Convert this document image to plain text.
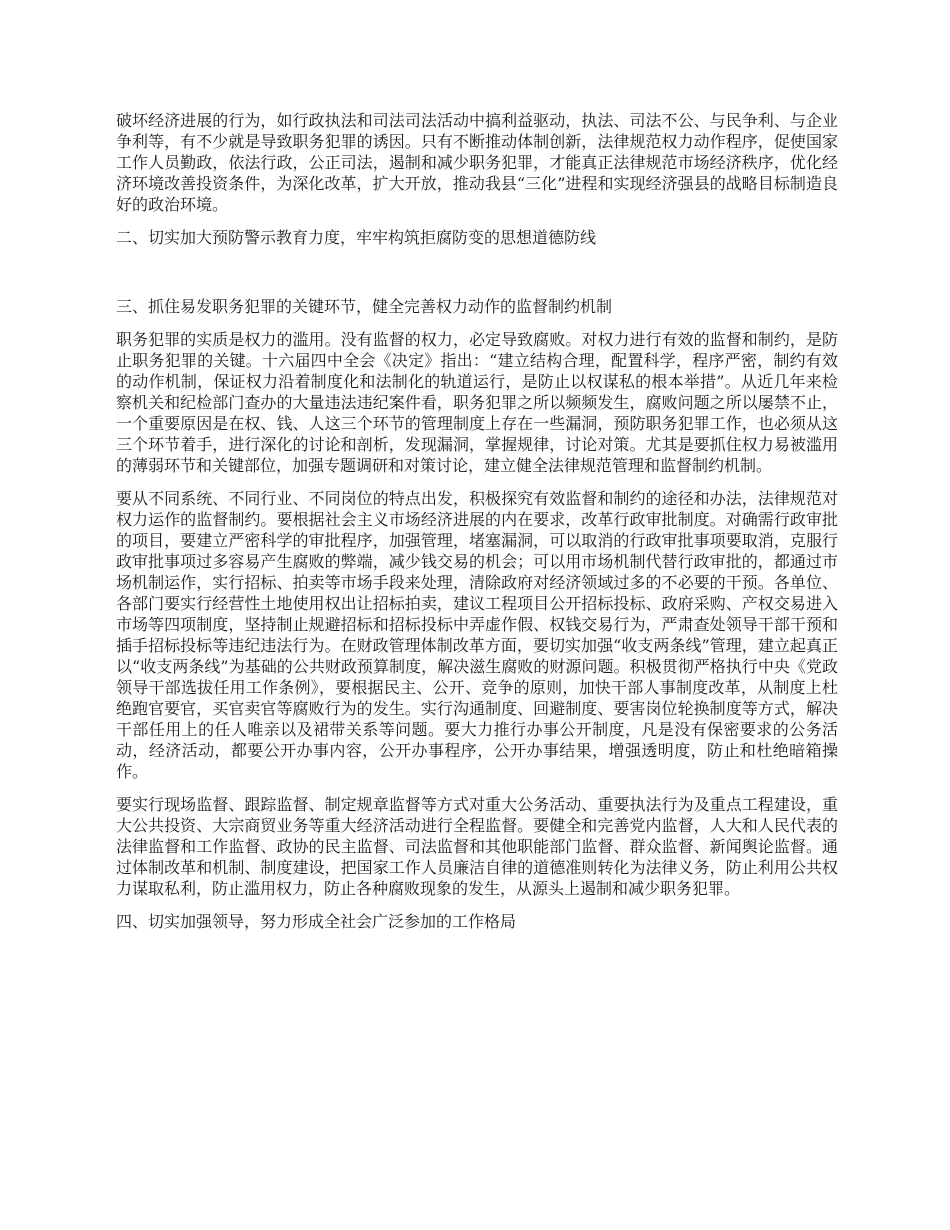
破坏经济进展的行为，如行政执法和司法司法活动中搞利益驱动，执法、司法不公、与民争利、与企业争利等，有不少就是导致职务犯罪的诱因。只有不断推动体制创新，法律规范权力动作程序，促使国家工作人员勤政，依法行政，公正司法，遏制和减少职务犯罪，才能真正法律规范市场经济秩序，优化经济环境改善投资条件，为深化改革，扩大开放，推动我县“三化”进程和实现经济强县的战略目标制造良好的政治环境。

二、切实加大预防警示教育力度，牢牢构筑拒腐防变的思想道德防线

三、抓住易发职务犯罪的关键环节，健全完善权力动作的监督制约机制

职务犯罪的实质是权力的滥用。没有监督的权力，必定导致腐败。对权力进行有效的监督和制约，是防止职务犯罪的关键。十六届四中全会《决定》指出：“建立结构合理，配置科学，程序严密，制约有效的动作机制，保证权力沿着制度化和法制化的轨道运行，是防止以权谋私的根本举措”。从近几年来检察机关和纪检部门查办的大量违法违纪案件看，职务犯罪之所以频频发生，腐败问题之所以屡禁不止，一个重要原因是在权、钱、人这三个环节的管理制度上存在一些漏洞，预防职务犯罪工作，也必须从这三个环节着手，进行深化的讨论和剖析，发现漏洞，掌握规律，讨论对策。尤其是要抓住权力易被滥用的薄弱环节和关键部位，加强专题调研和对策讨论，建立健全法律规范管理和监督制约机制。

要从不同系统、不同行业、不同岗位的特点出发，积极探究有效监督和制约的途径和办法，法律规范对权力运作的监督制约。要根据社会主义市场经济进展的内在要求，改革行政审批制度。对确需行政审批的项目，要建立严密科学的审批程序，加强管理，堵塞漏洞，可以取消的行政审批事项要取消，克服行政审批事项过多容易产生腐败的弊端，减少钱交易的机会；可以用市场机制代替行政审批的，都通过市场机制运作，实行招标、拍卖等市场手段来处理，清除政府对经济领域过多的不必要的干预。各单位、各部门要实行经营性土地使用权出让招标拍卖，建议工程项目公开招标投标、政府采购、产权交易进入市场等四项制度，坚持制止规避招标和招标投标中弄虚作假、权钱交易行为，严肃查处领导干部干预和插手招标投标等违纪违法行为。在财政管理体制改革方面，要切实加强“收支两条线”管理，建立起真正以“收支两条线”为基础的公共财政预算制度，解决滋生腐败的财源问题。积极贯彻严格执行中央《党政领导干部选拔任用工作条例》，要根据民主、公开、竞争的原则，加快干部人事制度改革，从制度上杜绝跑官要官，买官卖官等腐败行为的发生。实行沟通制度、回避制度、要害岗位轮换制度等方式，解决干部任用上的任人唯亲以及裙带关系等问题。要大力推行办事公开制度，凡是没有保密要求的公务活动，经济活动，都要公开办事内容，公开办事程序，公开办事结果，增强透明度，防止和杜绝暗箱操作。

要实行现场监督、跟踪监督、制定规章监督等方式对重大公务活动、重要执法行为及重点工程建设，重大公共投资、大宗商贸业务等重大经济活动进行全程监督。要健全和完善党内监督，人大和人民代表的法律监督和工作监督、政协的民主监督、司法监督和其他职能部门监督、群众监督、新闻舆论监督。通过体制改革和机制、制度建设，把国家工作人员廉洁自律的道德准则转化为法律义务，防止利用公共权力谋取私利，防止滥用权力，防止各种腐败现象的发生，从源头上遏制和减少职务犯罪。

四、切实加强领导，努力形成全社会广泛参加的工作格局
